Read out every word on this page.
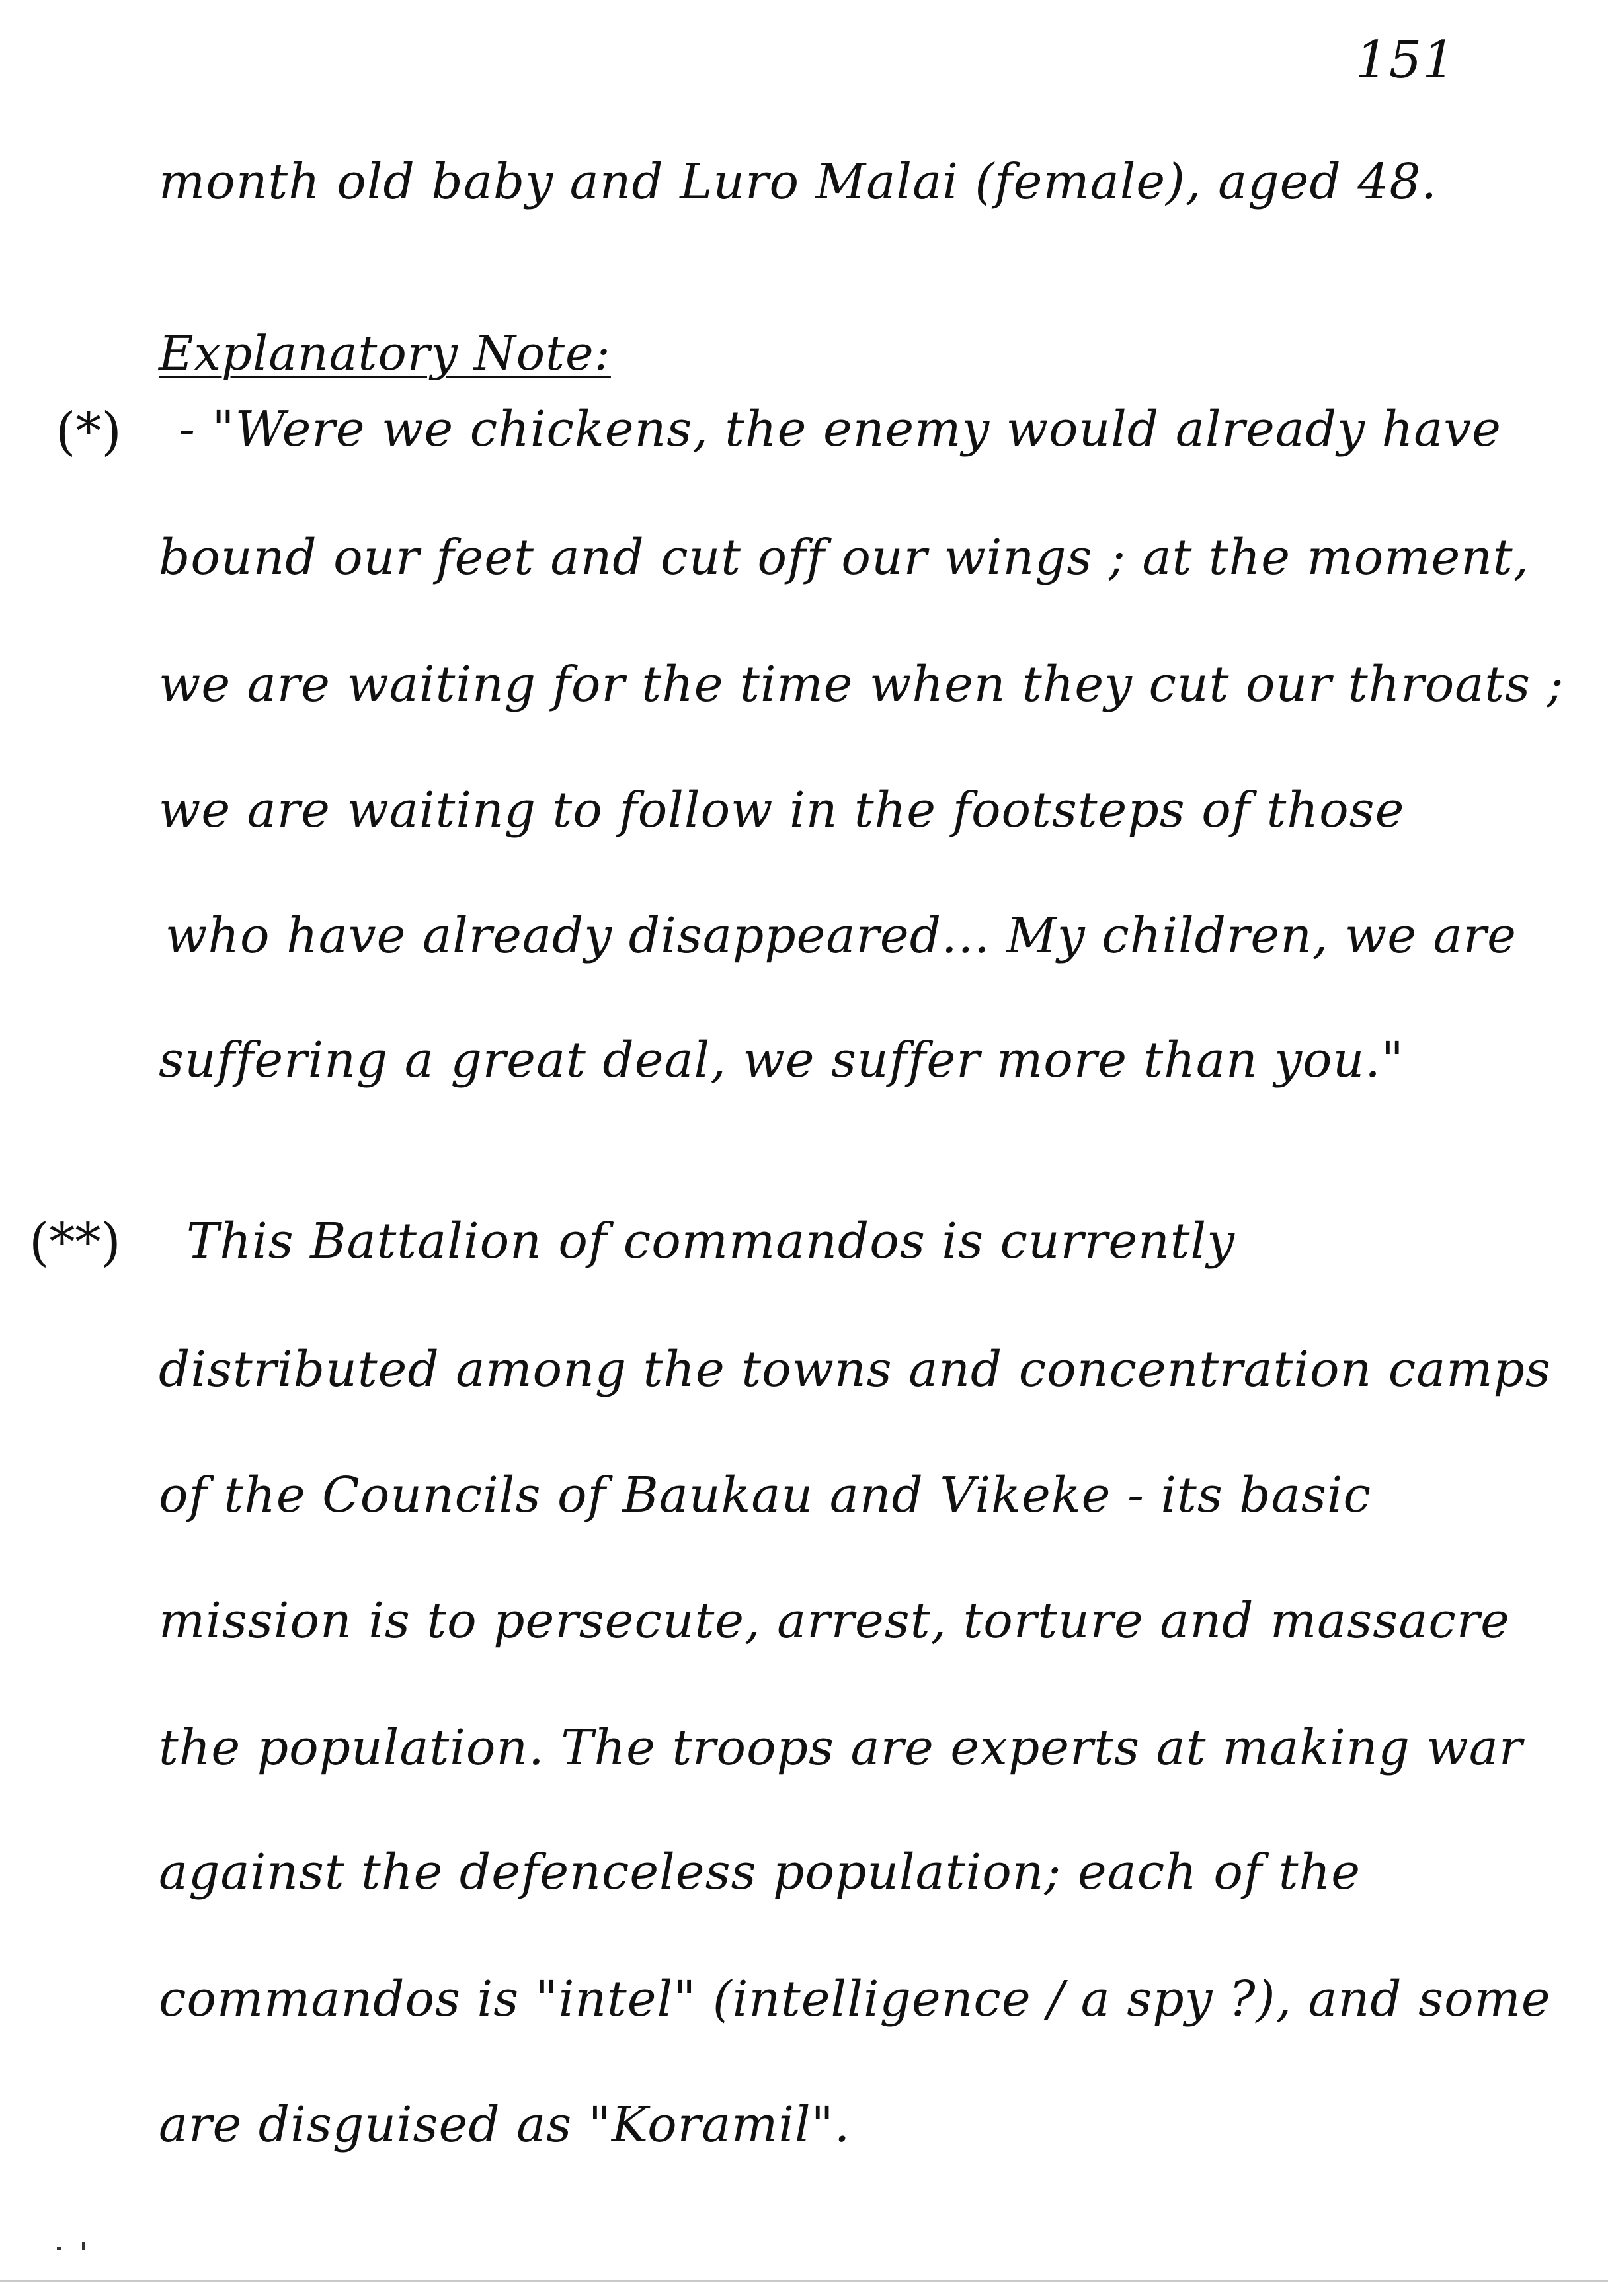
151
month old baby and Luro Malai (female), aged 48.
Explanatory Note:
(*) - "Were we chickens, the enemy would already have
bound our feet and cut off our wings ; at the moment,
we are waiting for the time when they cut our throats ;
we are waiting to follow in the footsteps of those
who have already disappeared... My children, we are
suffering a great deal, we suffer more than you."
(**) This Battalion of commandos is currently
distributed among the towns and concentration camps
of the Councils of Baukau and Vikeke - its basic
mission is to persecute, arrest, torture and massacre
the population. The troops are experts at making war
against the defenceless population; each of the
commandos is "intel" (intelligence / a spy ?), and some
are disguised as "Koramil".
